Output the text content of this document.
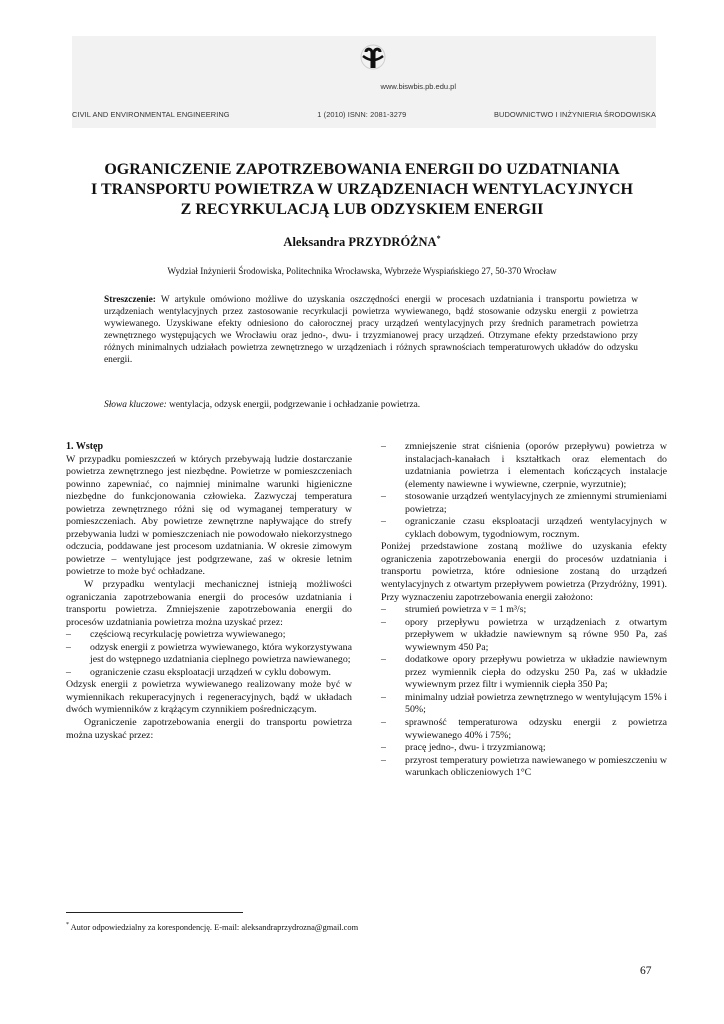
www.biswbis.pb.edu.pl
CIVIL AND ENVIRONMENTAL ENGINEERING	1 (2010) ISNN: 2081-3279	BUDOWNICTWO I INŻYNIERIA ŚRODOWISKA
OGRANICZENIE ZAPOTRZEBOWANIA ENERGII DO UZDATNIANIA
I TRANSPORTU POWIETRZA W URZĄDZENIACH WENTYLACYJNYCH
Z RECYRKULACJĄ LUB ODZYSKIEM ENERGII
Aleksandra PRZYDRÓŻNA*
Wydział Inżynierii Środowiska, Politechnika Wrocławska, Wybrzeże Wyspiańskiego 27, 50-370 Wrocław

Streszczenie: W artykule omówiono możliwe do uzyskania oszczędności energii w procesach uzdatniania i transportu powietrza w urządzeniach wentylacyjnych przez zastosowanie recyrkulacji powietrza wywiewanego, bądź stosowanie odzysku energii z powietrza wywiewanego. Uzyskiwane efekty odniesiono do całorocznej pracy urządzeń wentylacyjnych przy średnich parametrach powietrza zewnętrznego występujących we Wrocławiu oraz jedno-, dwu- i trzyzmianowej pracy urządzeń. Otrzymane efekty przedstawiono przy różnych minimalnych udziałach powietrza zewnętrznego w urządzeniach i różnych sprawnościach temperaturowych układów do odzysku energii.

Słowa kluczowe: wentylacja, odzysk energii, podgrzewanie i ochładzanie powietrza.

1. Wstęp

W przypadku pomieszczeń w których przebywają ludzie dostarczanie powietrza zewnętrznego jest niezbędne. Powietrze w pomieszczeniach powinno zapewniać, co najmniej minimalne warunki higieniczne niezbędne do funkcjonowania człowieka. Zazwyczaj temperatura powietrza zewnętrznego różni się od wymaganej temperatury w pomieszczeniach. Aby powietrze zewnętrzne napływające do strefy przebywania ludzi w pomieszczeniach nie powodowało niekorzystnego odczucia, poddawane jest procesom uzdatniania. W okresie zimowym powietrze – wentylujące jest podgrzewane, zaś w okresie letnim powietrze to może być ochładzane.

W przypadku wentylacji mechanicznej istnieją możliwości ograniczania zapotrzebowania energii do procesów uzdatniania i transportu powietrza. Zmniejszenie zapotrzebowania energii do procesów uzdatniania powietrza można uzyskać przez:

– częściową recyrkulację powietrza wywiewanego;
– odzysk energii z powietrza wywiewanego, która wykorzystywana jest do wstępnego uzdatniania cieplnego powietrza nawiewanego;
– ograniczenie czasu eksploatacji urządzeń w cyklu dobowym.

Odzysk energii z powietrza wywiewanego realizowany może być w wymiennikach rekuperacyjnych i regeneracyjnych, bądź w układach dwóch wymienników z krążącym czynnikiem pośredniczącym.

Ograniczenie zapotrzebowania energii do transportu powietrza można uzyskać przez:

– zmniejszenie strat ciśnienia (oporów przepływu) powietrza w instalacjach-kanałach i kształtkach oraz elementach do uzdatniania powietrza i elementach kończących instalacje (elementy nawiewne i wywiewne, czerpnie, wyrzutnie);
– stosowanie urządzeń wentylacyjnych ze zmiennymi strumieniami powietrza;
– ograniczanie czasu eksploatacji urządzeń wentylacyjnych w cyklach dobowym, tygodniowym, rocznym.

Poniżej przedstawione zostaną możliwe do uzyskania efekty ograniczenia zapotrzebowania energii do procesów uzdatniania i transportu powietrza, które odniesione zostaną do urządzeń wentylacyjnych z otwartym przepływem powietrza (Przydróżny, 1991). Przy wyznaczeniu zapotrzebowania energii założono:

– strumień powietrza v = 1 m³/s;
– opory przepływu powietrza w urządzeniach z otwartym przepływem w układzie nawiewnym są równe 950 Pa, zaś wywiewnym 450 Pa;
– dodatkowe opory przepływu powietrza w układzie nawiewnym przez wymiennik ciepła do odzysku 250 Pa, zaś w układzie wywiewnym przez filtr i wymiennik ciepła 350 Pa;
– minimalny udział powietrza zewnętrznego w wentylującym 15% i 50%;
– sprawność temperaturowa odzysku energii z powietrza wywiewanego 40% i 75%;
– pracę jedno-, dwu- i trzyzmianową;
– przyrost temperatury powietrza nawiewanego w pomieszczeniu w warunkach obliczeniowych 1°C
* Autor odpowiedzialny za korespondencję. E-mail: aleksandraprzydrozna@gmail.com
67
